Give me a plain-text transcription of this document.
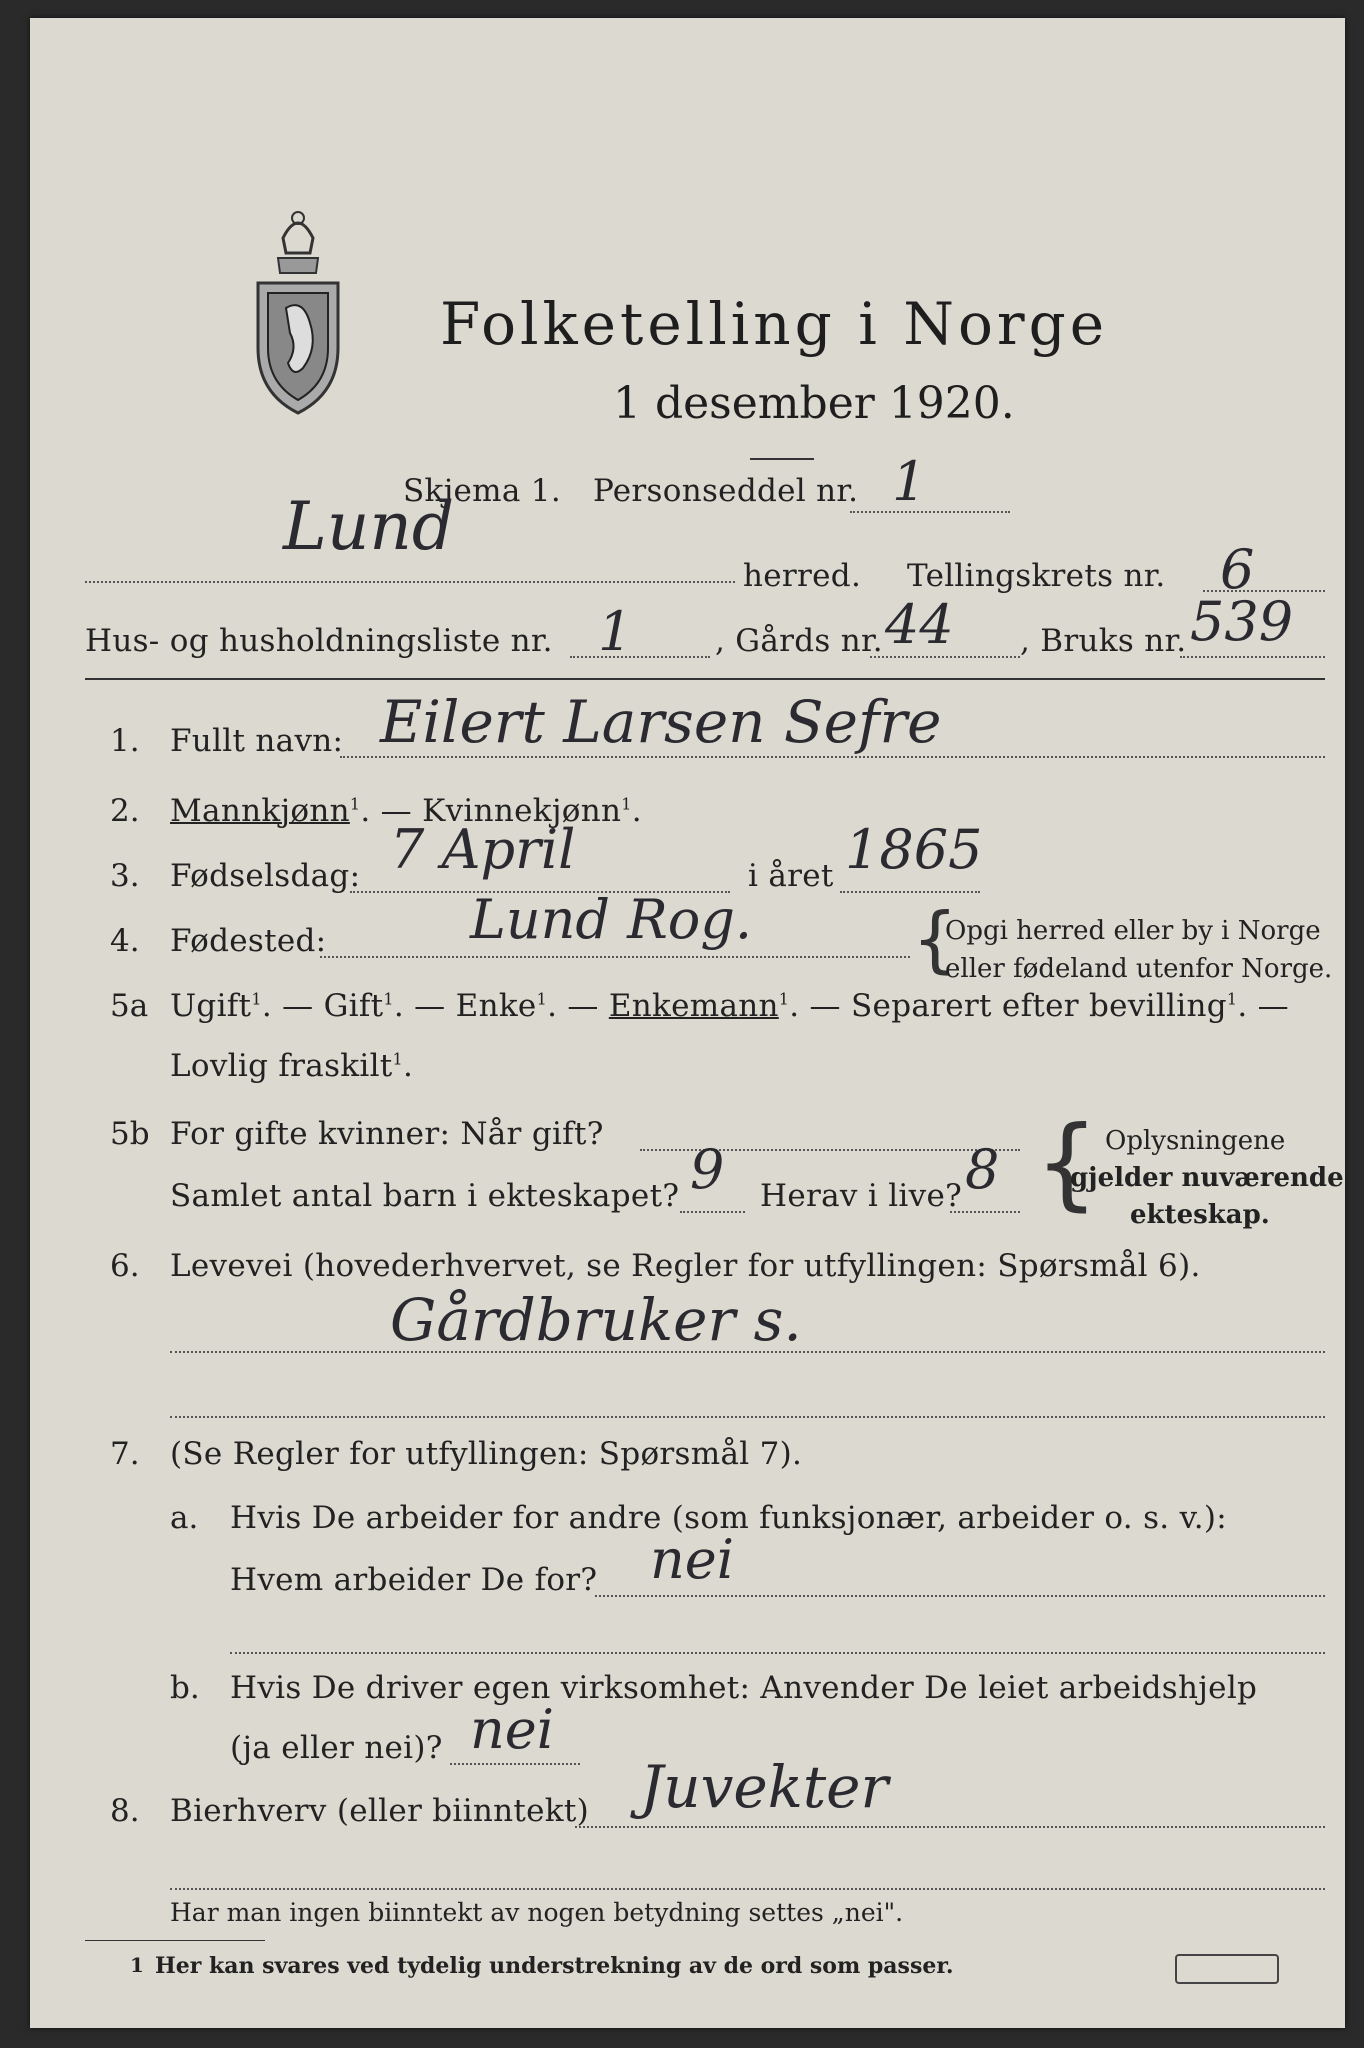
Folketelling i Norge
1 desember 1920.
Skjema 1. Personseddel nr. 1
Lund
herred. Tellingskrets nr. 6
Hus- og husholdningsliste nr. 1	, Gårds nr. 44 , Bruks nr. 539
1. Fullt navn: Eilert Larsen Sefre
2. Mannkjønn$^1$. — Kvinnekjønn$^1$.
3. Fødselsdag: 7 April	i året 1865
4. Fødested:	Lund Rog. {
Opgi herred eller by i Norge
eller fødeland utenfor Norge.
5a Ugift$^1$. — Gift$^1$. — Enke$^1$. — Enkemann$^1$. — Separert efter bevilling$^1$. —
Lovlig fraskilt$^1$.
5b For gifte kvinner: Når gift?
Samlet antal barn i ekteskapet? 9 Herav i live? 8 { Oplysningene
gjelder nuværende
ekteskap.
6. Levevei (hovederhvervet, se Regler for utfyllingen: Spørsmål 6).
Gårdbruker s.
7. (Se Regler for utfyllingen: Spørsmål 7).
a. Hvis De arbeider for andre (som funksjonær, arbeider o. s. v.):
Hvem arbeider De for? nei
b. Hvis De driver egen virksomhet: Anvender De leiet arbeidshjelp
(ja eller nei)? nei
8. Bierhverv (eller biinntekt) Juvekter
Har man ingen biinntekt av nogen betydning settes „nei".
1 Her kan svares ved tydelig understrekning av de ord som passer.
